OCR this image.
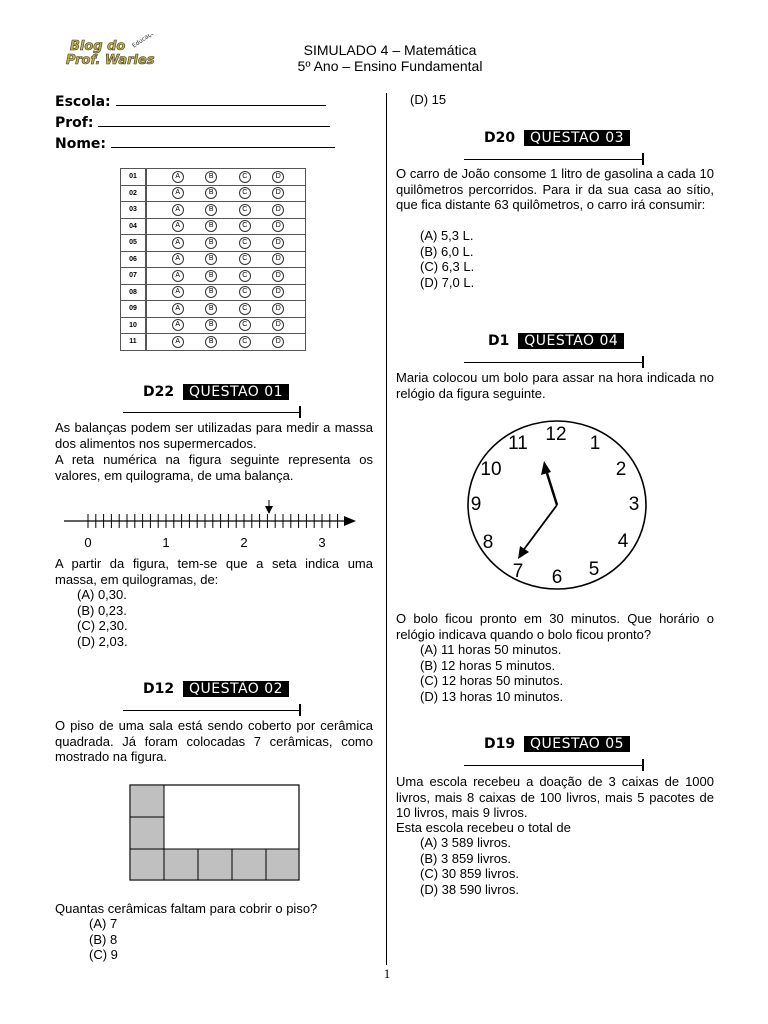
Blog do
Prof. Warles
Educação
SIMULADO 4 – Matemática
5º Ano – Ensino Fundamental
Escola:
Prof:
Nome:
01	A B C D

02	A B C D

03	A B C D

04	A B C D

05	A B C D

06	A B C D

07	A B C D

08	A B C D

09	A B C D

10	A B C D

11	A B C D
D22 QUESTAO 01
As balanças podem ser utilizadas para medir a massa dos alimentos nos supermercados.
A reta numérica na figura seguinte representa os valores, em quilograma, de uma balança.
0	1	2	3
A partir da figura, tem-se que a seta indica uma massa, em quilogramas, de:
(A) 0,30.
(B) 0,23.
(C) 2,30.
(D) 2,03.
D12 QUESTÃO 02
O piso de uma sala está sendo coberto por cerâmica quadrada. Já foram colocadas 7 cerâmicas, como mostrado na figura.
Quantas cerâmicas faltam para cobrir o piso?
(A) 7
(B) 8
(C) 9
(D) 15
D20 QUESTAO 03
O carro de João consome 1 litro de gasolina a cada 10 quilômetros percorridos. Para ir da sua casa ao sítio, que fica distante 63 quilômetros, o carro irá consumir:
(A) 5,3 L.
(B) 6,0 L.
(C) 6,3 L.
(D) 7,0 L.
D1 QUESTAO 04
Maria colocou um bolo para assar na hora indicada no relógio da figura seguinte.
12 1
2
3
4
5
6
7
8
9
10
11
O bolo ficou pronto em 30 minutos. Que horário o relógio indicava quando o bolo ficou pronto?
(A) 11 horas 50 minutos.
(B) 12 horas 5 minutos.
(C) 12 horas 50 minutos.
(D) 13 horas 10 minutos.
D19 QUESTAO 05
Uma escola recebeu a doação de 3 caixas de 1000 livros, mais 8 caixas de 100 livros, mais 5 pacotes de 10 livros, mais 9 livros.
Esta escola recebeu o total de
(A) 3 589 livros.
(B) 3 859 livros.
(C) 30 859 livros.
(D) 38 590 livros.
1
